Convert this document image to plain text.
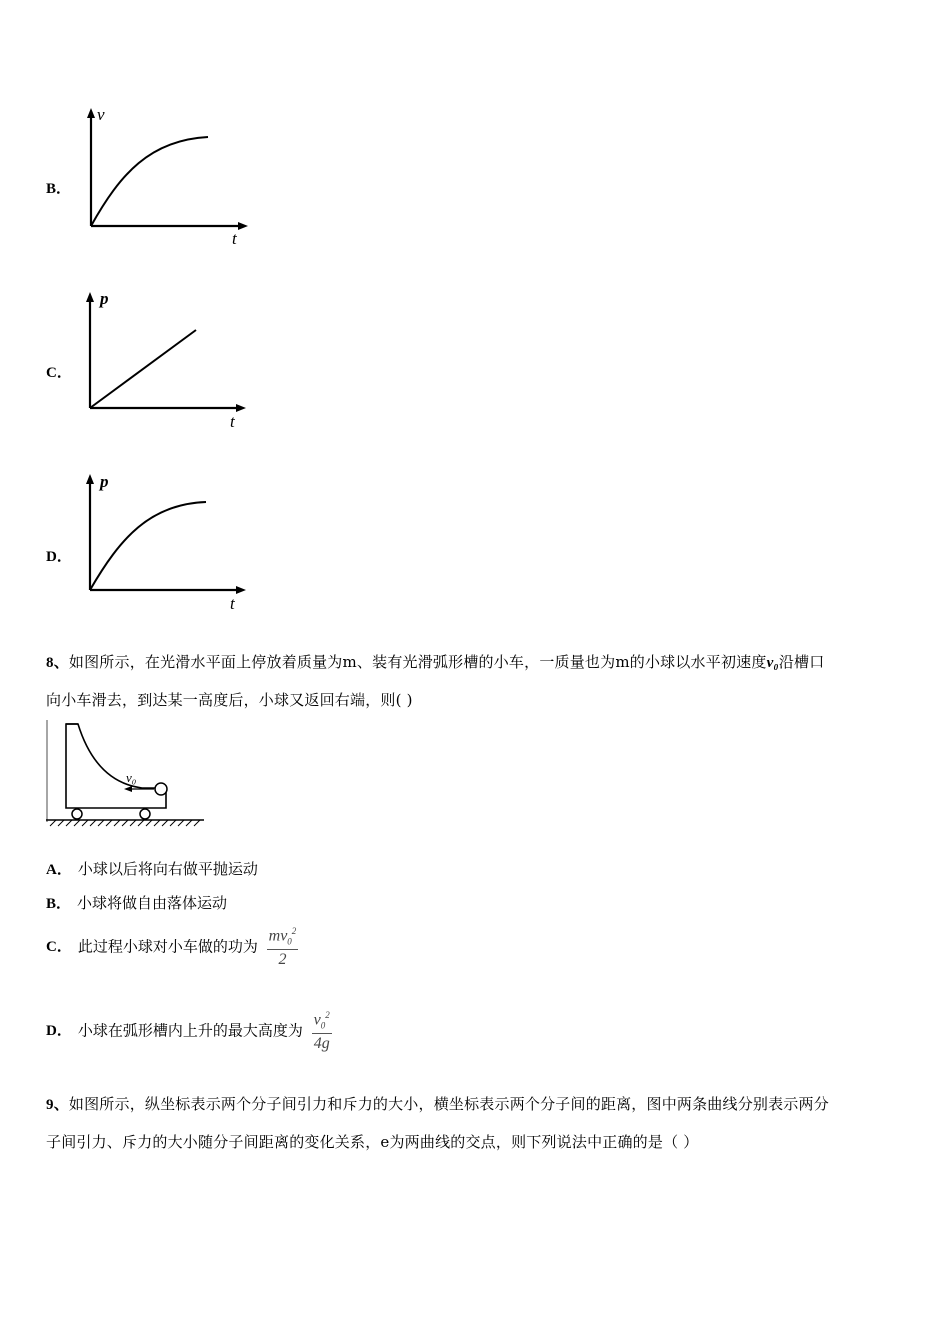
B．
v
t
C．
p
t
D．
p
t
8、如图所示，在光滑水平面上停放着质量为m、装有光滑弧形槽的小车，一质量也为m的小球以水平初速度v₀沿槽口
向小车滑去，到达某一高度后，小球又返回右端，则( )
v₀
A． 小球以后将向右做平抛运动
B． 小球将做自由落体运动
C． 此过程小球对小车做的功为 $\frac{mv_0^2}{2}$
D． 小球在弧形槽内上升的最大高度为 $\frac{v_0^2}{4g}$
9、如图所示，纵坐标表示两个分子间引力和斥力的大小，横坐标表示两个分子间的距离，图中两条曲线分别表示两分
子间引力、斥力的大小随分子间距离的变化关系，e为两曲线的交点，则下列说法中正确的是（ ）
